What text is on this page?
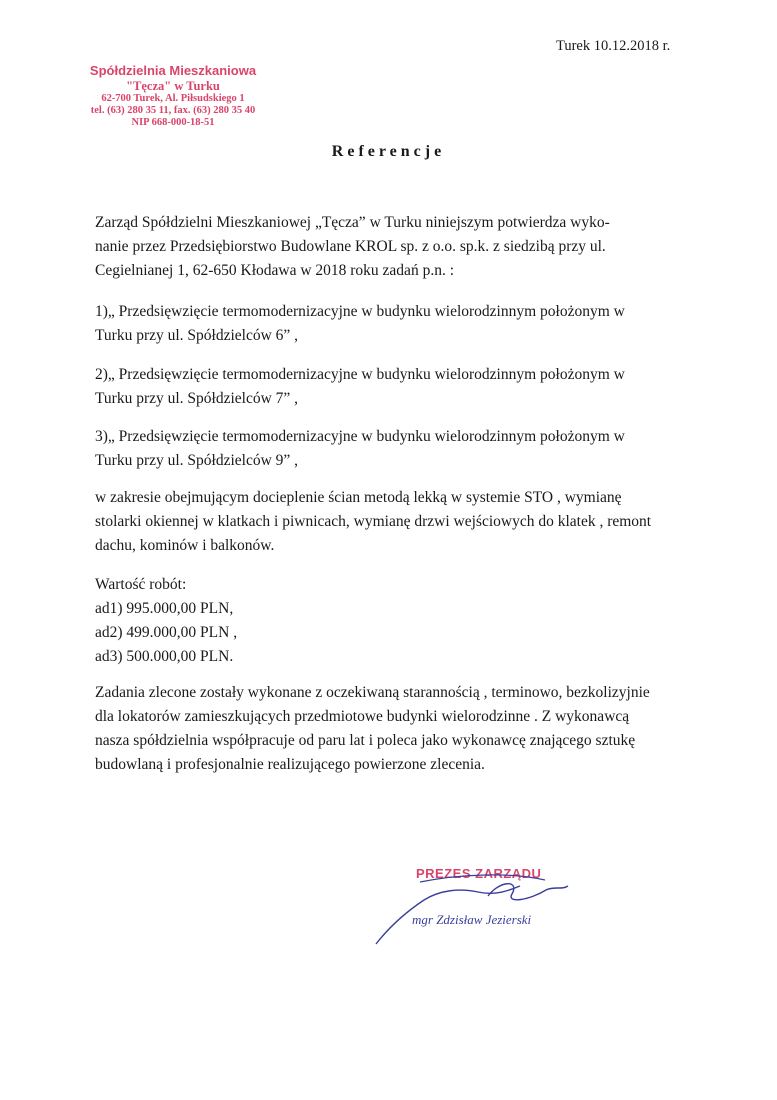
Turek 10.12.2018 r.
Spółdzielnia Mieszkaniowa
"Tęcza" w Turku
62-700 Turek, Al. Piłsudskiego 1
tel. (63) 280 35 11, fax. (63) 280 35 40
NIP 668-000-18-51
Referencje
Zarząd Spółdzielni Mieszkaniowej „Tęcza” w Turku niniejszym potwierdza wyko-
nanie przez Przedsiębiorstwo Budowlane KROL sp. z o.o. sp.k. z siedzibą przy ul.
Cegielnianej 1, 62-650 Kłodawa w 2018 roku zadań p.n. :
1)„ Przedsięwzięcie termomodernizacyjne w budynku wielorodzinnym położonym w
Turku przy ul. Spółdzielców 6” ,
2)„ Przedsięwzięcie termomodernizacyjne w budynku wielorodzinnym położonym w
Turku przy ul. Spółdzielców 7” ,
3)„ Przedsięwzięcie termomodernizacyjne w budynku wielorodzinnym położonym w
Turku przy ul. Spółdzielców 9” ,
w zakresie obejmującym docieplenie ścian metodą lekką w systemie STO , wymianę
stolarki okiennej w klatkach i piwnicach, wymianę drzwi wejściowych do klatek , remont
dachu, kominów i balkonów.
Wartość robót:
ad1) 995.000,00 PLN,
ad2) 499.000,00 PLN ,
ad3) 500.000,00 PLN.
Zadania zlecone zostały wykonane z oczekiwaną starannością , terminowo, bezkolizyjnie
dla lokatorów zamieszkujących przedmiotowe budynki wielorodzinne . Z wykonawcą
nasza spółdzielnia współpracuje od paru lat i poleca jako wykonawcę znającego sztukę
budowlaną i profesjonalnie realizującego powierzone zlecenia.
PREZES ZARZĄDU
mgr Zdzisław Jezierski
